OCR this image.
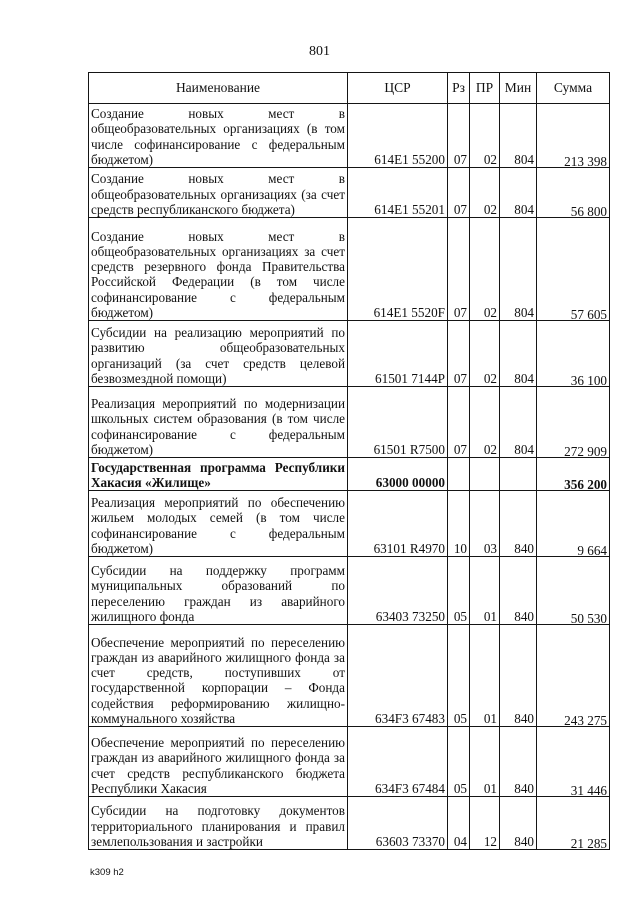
801
Наименование	ЦСР	Рз	ПР	Мин	Сумма
Создание новых мест в общеобразовательных организациях (в том числе софинансирование с федеральным бюджетом)	614E1 55200	07	02	804	213 398
Создание новых мест в общеобразовательных организациях (за счет средств республиканского бюджета)	614E1 55201	07	02	804	56 800
Создание новых мест в общеобразовательных организациях за счет средств резервного фонда Правительства Российской Федерации (в том числе софинансирование с федеральным бюджетом)	614E1 5520F	07	02	804	57 605
Субсидии на реализацию мероприятий по развитию общеобразовательных организаций (за счет средств целевой безвозмездной помощи)	61501 7144P	07	02	804	36 100
Реализация мероприятий по модернизации школьных систем образования (в том числе софинансирование с федеральным бюджетом)	61501 R7500	07	02	804	272 909
Государственная программа Республики Хакасия «Жилище»	63000 00000				356 200
Реализация мероприятий по обеспечению жильем молодых семей (в том числе софинансирование с федеральным бюджетом)	63101 R4970	10	03	840	9 664
Субсидии на поддержку программ муниципальных образований по переселению граждан из аварийного жилищного фонда	63403 73250	05	01	840	50 530
Обеспечение мероприятий по переселению граждан из аварийного жилищного фонда за счет средств, поступивших от государственной корпорации – Фонда содействия реформированию жилищно-коммунального хозяйства	634F3 67483	05	01	840	243 275
Обеспечение мероприятий по переселению граждан из аварийного жилищного фонда за счет средств республиканского бюджета Республики Хакасия	634F3 67484	05	01	840	31 446
Субсидии на подготовку документов территориального планирования и правил землепользования и застройки	63603 73370	04	12	840	21 285
k309 h2
